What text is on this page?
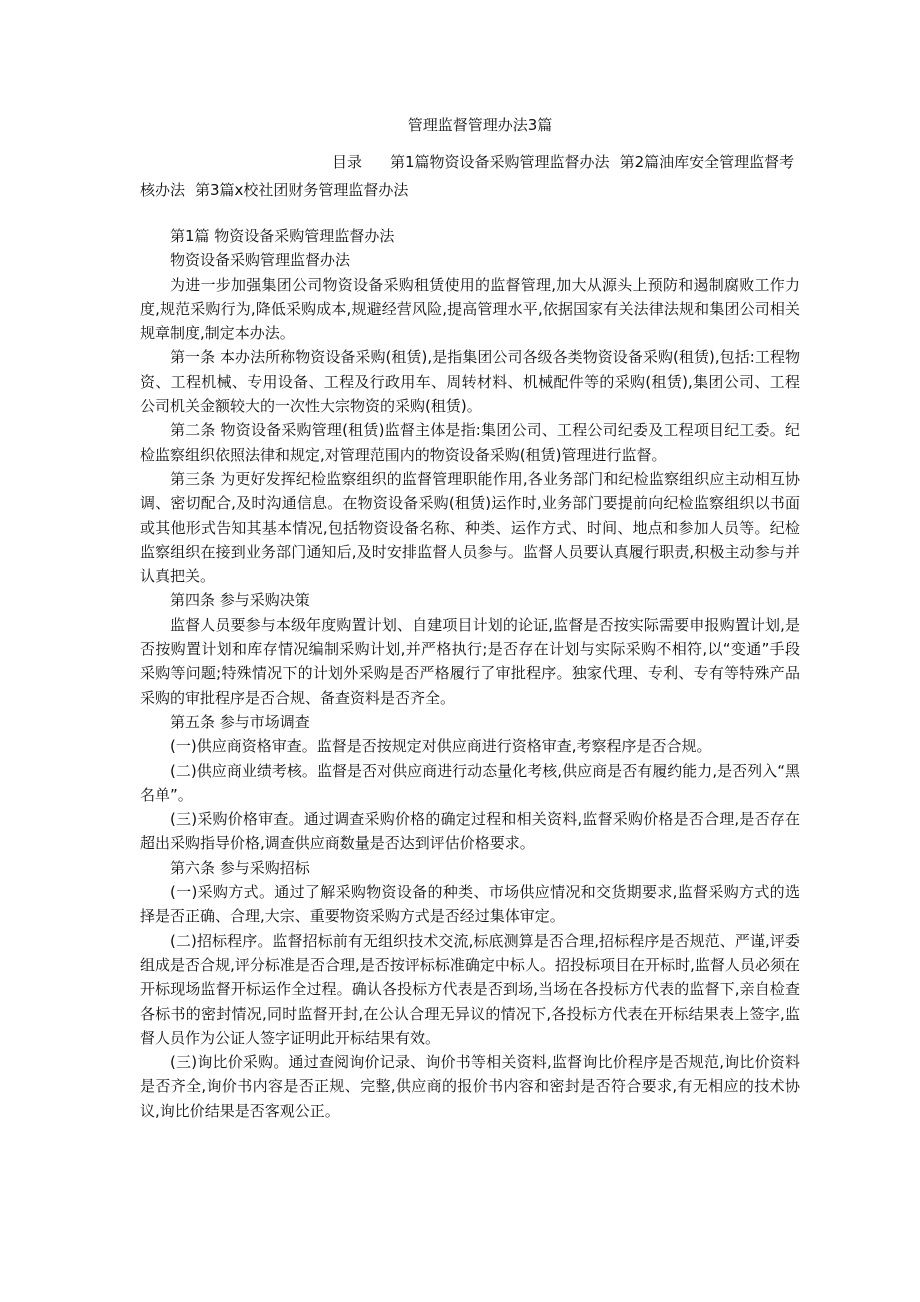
管理监督管理办法3篇
目录 第1篇物资设备采购管理监督办法 第2篇油库安全管理监督考核办法 第3篇x校社团财务管理监督办法

第1篇 物资设备采购管理监督办法

物资设备采购管理监督办法

为进一步加强集团公司物资设备采购租赁使用的监督管理,加大从源头上预防和遏制腐败工作力度,规范采购行为,降低采购成本,规避经营风险,提高管理水平,依据国家有关法律法规和集团公司相关规章制度,制定本办法。

第一条 本办法所称物资设备采购(租赁),是指集团公司各级各类物资设备采购(租赁),包括:工程物资、工程机械、专用设备、工程及行政用车、周转材料、机械配件等的采购(租赁),集团公司、工程公司机关金额较大的一次性大宗物资的采购(租赁)。

第二条 物资设备采购管理(租赁)监督主体是指:集团公司、工程公司纪委及工程项目纪工委。纪检监察组织依照法律和规定,对管理范围内的物资设备采购(租赁)管理进行监督。

第三条 为更好发挥纪检监察组织的监督管理职能作用,各业务部门和纪检监察组织应主动相互协调、密切配合,及时沟通信息。在物资设备采购(租赁)运作时,业务部门要提前向纪检监察组织以书面或其他形式告知其基本情况,包括物资设备名称、种类、运作方式、时间、地点和参加人员等。纪检监察组织在接到业务部门通知后,及时安排监督人员参与。监督人员要认真履行职责,积极主动参与并认真把关。

第四条 参与采购决策

监督人员要参与本级年度购置计划、自建项目计划的论证,监督是否按实际需要申报购置计划,是否按购置计划和库存情况编制采购计划,并严格执行;是否存在计划与实际采购不相符,以“变通”手段采购等问题;特殊情况下的计划外采购是否严格履行了审批程序。独家代理、专利、专有等特殊产品采购的审批程序是否合规、备查资料是否齐全。

第五条 参与市场调查

(一)供应商资格审查。监督是否按规定对供应商进行资格审查,考察程序是否合规。

(二)供应商业绩考核。监督是否对供应商进行动态量化考核,供应商是否有履约能力,是否列入“黑名单”。

(三)采购价格审查。通过调查采购价格的确定过程和相关资料,监督采购价格是否合理,是否存在超出采购指导价格,调查供应商数量是否达到评估价格要求。

第六条 参与采购招标

(一)采购方式。通过了解采购物资设备的种类、市场供应情况和交货期要求,监督采购方式的选择是否正确、合理,大宗、重要物资采购方式是否经过集体审定。

(二)招标程序。监督招标前有无组织技术交流,标底测算是否合理,招标程序是否规范、严谨,评委组成是否合规,评分标准是否合理,是否按评标标准确定中标人。招投标项目在开标时,监督人员必须在开标现场监督开标运作全过程。确认各投标方代表是否到场,当场在各投标方代表的监督下,亲自检查各标书的密封情况,同时监督开封,在公认合理无异议的情况下,各投标方代表在开标结果表上签字,监督人员作为公证人签字证明此开标结果有效。

(三)询比价采购。通过查阅询价记录、询价书等相关资料,监督询比价程序是否规范,询比价资料是否齐全,询价书内容是否正规、完整,供应商的报价书内容和密封是否符合要求,有无相应的技术协议,询比价结果是否客观公正。
